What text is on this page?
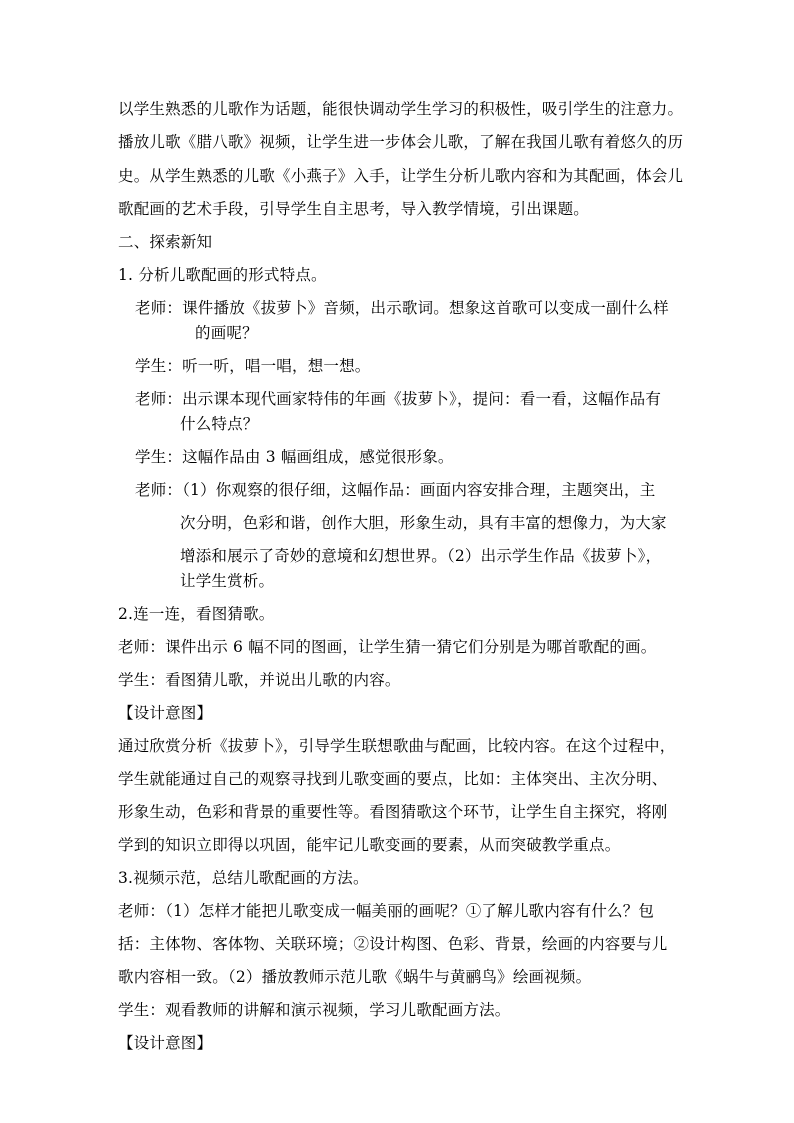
以学生熟悉的儿歌作为话题，能很快调动学生学习的积极性，吸引学生的注意力。
播放儿歌《腊八歌》视频，让学生进一步体会儿歌，了解在我国儿歌有着悠久的历
史。从学生熟悉的儿歌《小燕子》入手，让学生分析儿歌内容和为其配画，体会儿
歌配画的艺术手段，引导学生自主思考，导入教学情境，引出课题。
二、探索新知
1. 分析儿歌配画的形式特点。
老师：课件播放《拔萝卜》音频，出示歌词。想象这首歌可以变成一副什么样
的画呢？
学生：听一听，唱一唱，想一想。
老师：出示课本现代画家特伟的年画《拔萝卜》，提问：看一看，这幅作品有
什么特点？
学生：这幅作品由 3 幅画组成，感觉很形象。
老师：（1）你观察的很仔细，这幅作品：画面内容安排合理，主题突出，主
次分明，色彩和谐，创作大胆，形象生动，具有丰富的想像力，为大家
增添和展示了奇妙的意境和幻想世界。（2）出示学生作品《拔萝卜》，
让学生赏析。
2.连一连，看图猜歌。
老师：课件出示 6 幅不同的图画，让学生猜一猜它们分别是为哪首歌配的画。
学生：看图猜儿歌，并说出儿歌的内容。
【设计意图】
通过欣赏分析《拔萝卜》，引导学生联想歌曲与配画，比较内容。在这个过程中，
学生就能通过自己的观察寻找到儿歌变画的要点，比如：主体突出、主次分明、
形象生动，色彩和背景的重要性等。看图猜歌这个环节，让学生自主探究，将刚
学到的知识立即得以巩固，能牢记儿歌变画的要素，从而突破教学重点。
3.视频示范，总结儿歌配画的方法。
老师：（1）怎样才能把儿歌变成一幅美丽的画呢？①了解儿歌内容有什么？包
括：主体物、客体物、关联环境；②设计构图、色彩、背景，绘画的内容要与儿
歌内容相一致。（2）播放教师示范儿歌《蜗牛与黄鹂鸟》绘画视频。
学生：观看教师的讲解和演示视频，学习儿歌配画方法。
【设计意图】
